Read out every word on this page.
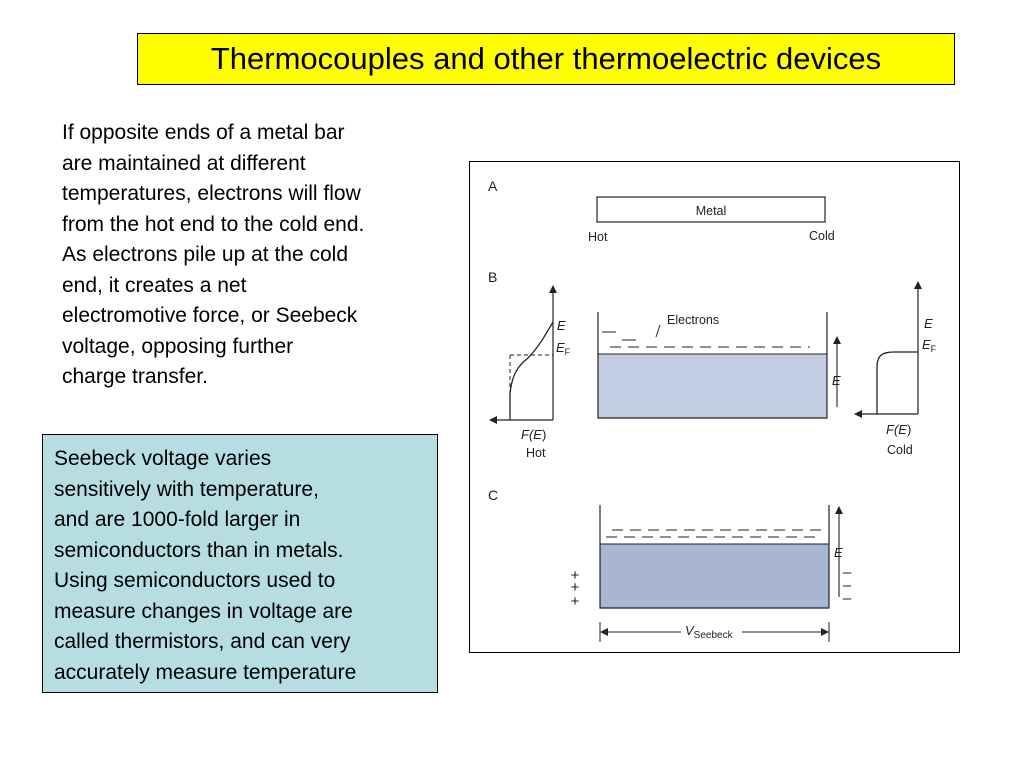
Thermocouples and other thermoelectric devices
If opposite ends of a metal bar
are maintained at different
temperatures, electrons will flow
from the hot end to the cold end.
As electrons pile up at the cold
end, it creates a net
electromotive force, or Seebeck
voltage, opposing further
charge transfer.
Seebeck voltage varies
sensitively with temperature,
and are 1000-fold larger in
semiconductors than in metals.
Using semiconductors used to
measure changes in voltage are
called thermistors, and can very
accurately measure temperature
A
Metal
Hot	Cold
B
E
$E_F$
F(E)
Hot
Electrons
E
E
$E_F$
F(E)
Cold
C
E
+
+
+
–
–
–
$V_{Seebeck}$
